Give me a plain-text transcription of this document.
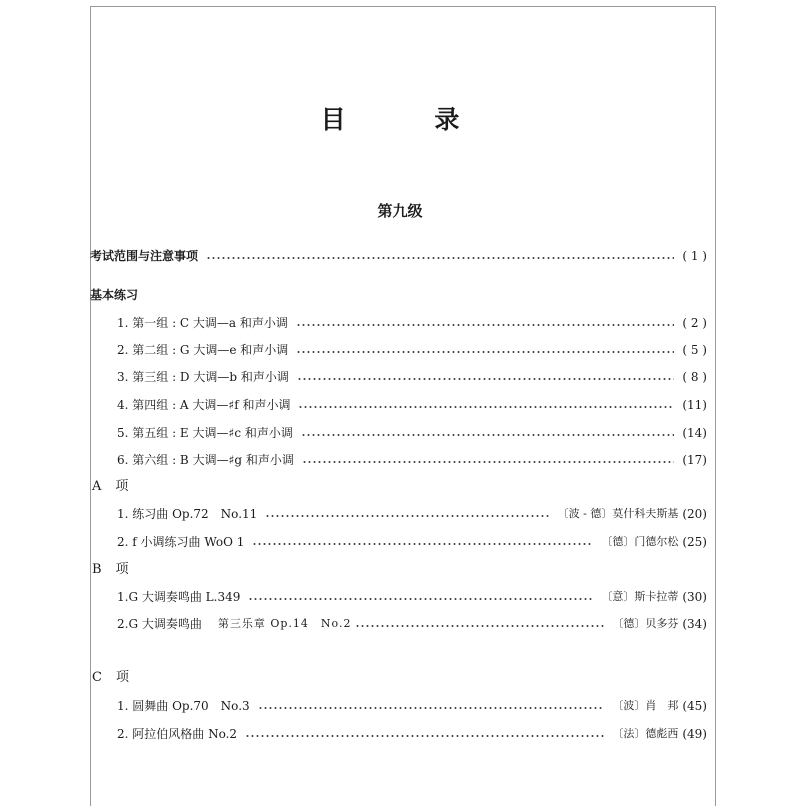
目 录
第九级
考试范围与注意事项	( 1 )
基本练习
1. 第一组 : C 大调—a 和声小调	( 2 )
2. 第二组 : G 大调—e 和声小调	( 5 )
3. 第三组 : D 大调—b 和声小调	( 8 )
4. 第四组 : A 大调—♯f 和声小调	(11)
5. 第五组 : E 大调—♯c 和声小调	(14)
6. 第六组 : B 大调—♯g 和声小调	(17)
A 项
1. 练习曲 Op.72　No.11	〔波 - 德〕莫什科夫斯基 (20)
2. f 小调练习曲 WoO 1	〔德〕门德尔松 (25)
B 项
1.G 大调奏鸣曲 L.349	〔意〕斯卡拉蒂 (30)
2.G 大调奏鸣曲	第三乐章 Op.14　No.2	〔德〕贝多芬 (34)
C 项
1. 圆舞曲 Op.70　No.3	〔波〕肖　邦 (45)
2. 阿拉伯风格曲 No.2	〔法〕德彪西 (49)
